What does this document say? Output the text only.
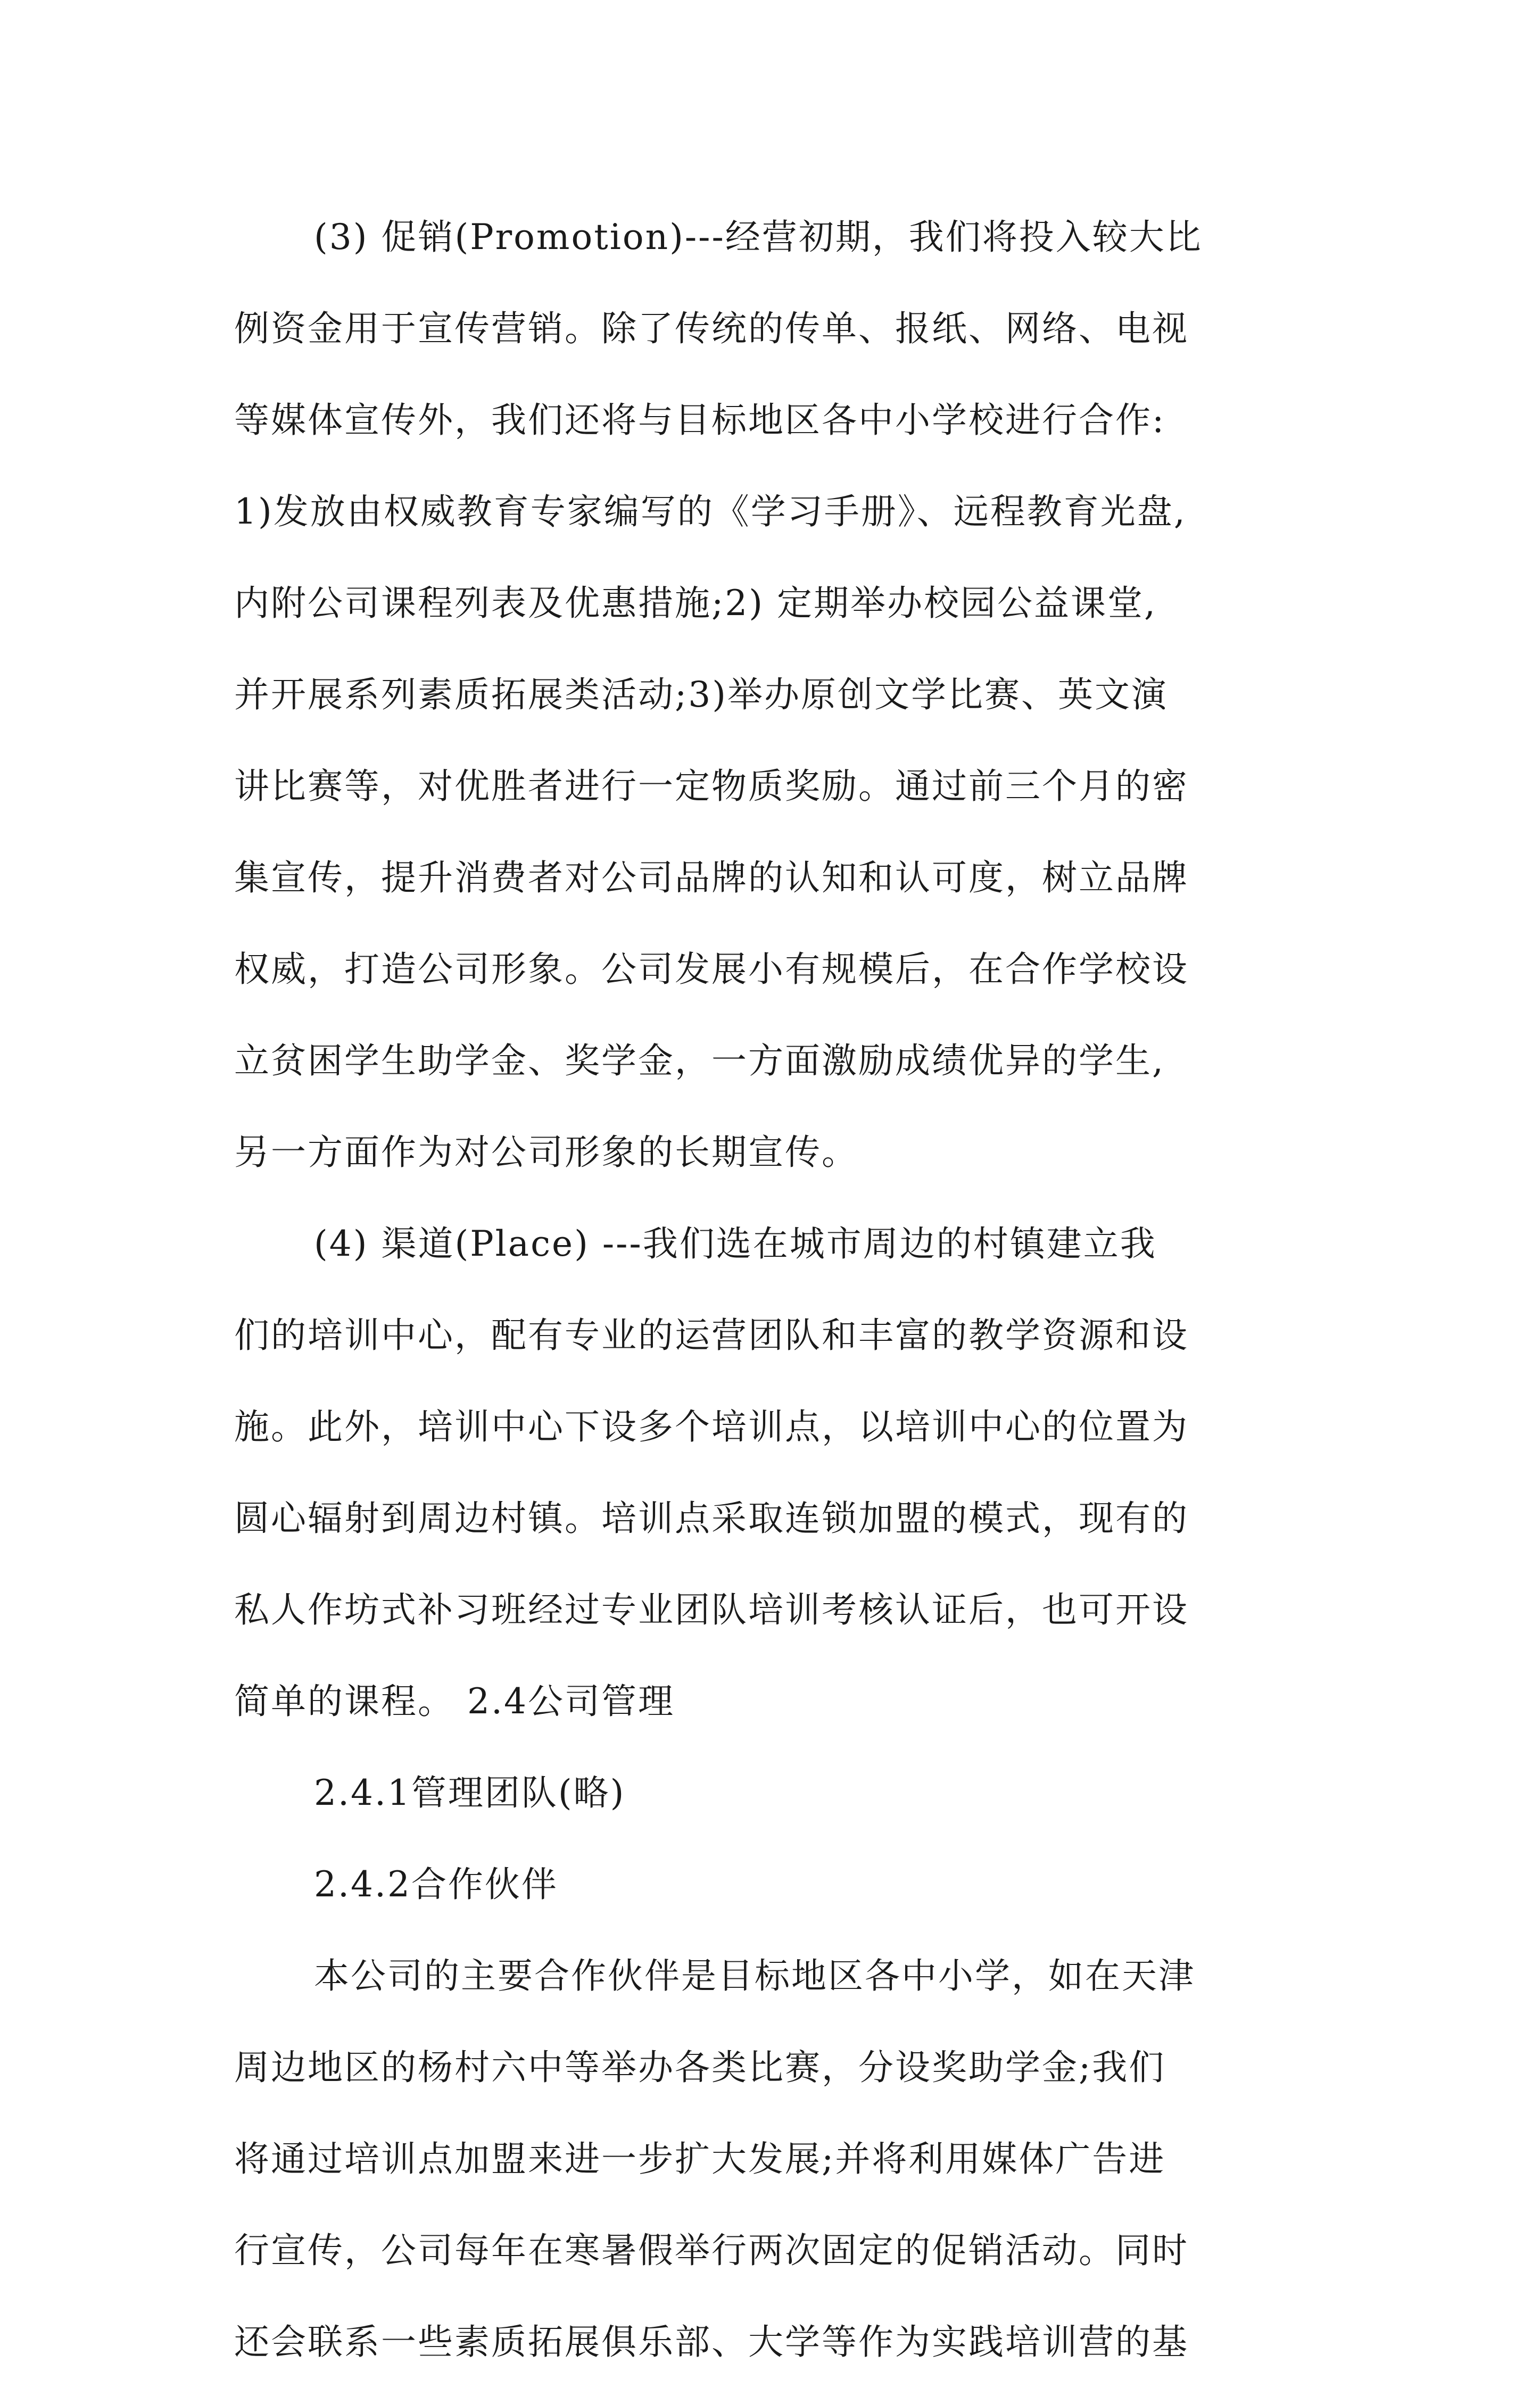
(3) 促销(Promotion)---经营初期，我们将投入较大比
例资金用于宣传营销。除了传统的传单、报纸、网络、电视
等媒体宣传外，我们还将与目标地区各中小学校进行合作:
1)发放由权威教育专家编写的《学习手册》、远程教育光盘,
内附公司课程列表及优惠措施;2) 定期举办校园公益课堂,
并开展系列素质拓展类活动;3)举办原创文学比赛、英文演
讲比赛等，对优胜者进行一定物质奖励。通过前三个月的密
集宣传，提升消费者对公司品牌的认知和认可度，树立品牌
权威，打造公司形象。公司发展小有规模后，在合作学校设
立贫困学生助学金、奖学金，一方面激励成绩优异的学生,
另一方面作为对公司形象的长期宣传。
(4) 渠道(Place) ---我们选在城市周边的村镇建立我
们的培训中心，配有专业的运营团队和丰富的教学资源和设
施。此外，培训中心下设多个培训点，以培训中心的位置为
圆心辐射到周边村镇。培训点采取连锁加盟的模式，现有的
私人作坊式补习班经过专业团队培训考核认证后，也可开设
简单的课程。 2.4公司管理
2.4.1管理团队(略)
2.4.2合作伙伴
本公司的主要合作伙伴是目标地区各中小学，如在天津
周边地区的杨村六中等举办各类比赛，分设奖助学金;我们
将通过培训点加盟来进一步扩大发展;并将利用媒体广告进
行宣传，公司每年在寒暑假举行两次固定的促销活动。同时
还会联系一些素质拓展俱乐部、大学等作为实践培训营的基
